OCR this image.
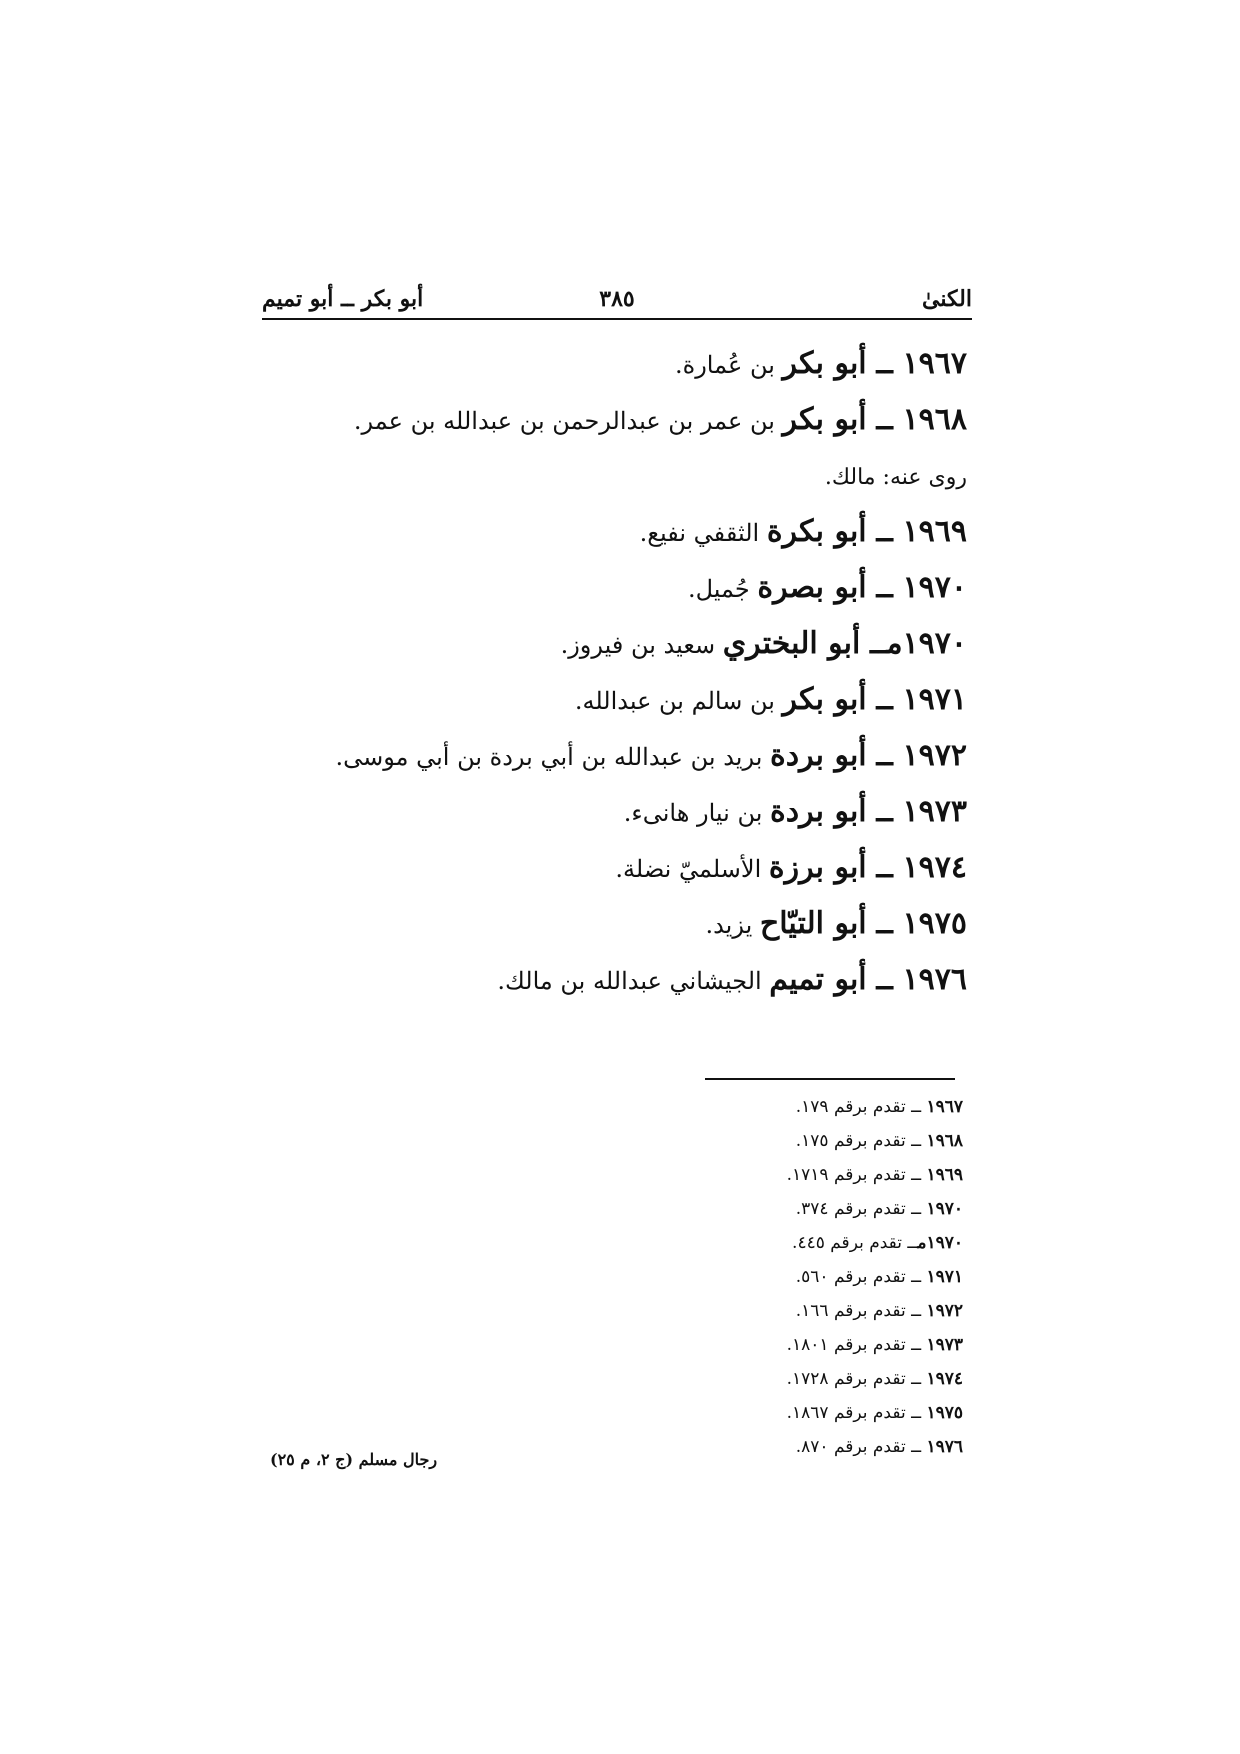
الكنىٰ
٣٨٥
أبو بكر ــ أبو تميم
١٩٦٧ ــ أبو بكر بن عُمارة.
١٩٦٨ ــ أبو بكر بن عمر بن عبدالرحمن بن عبدالله بن عمر.
روى عنه: مالك.
١٩٦٩ ــ أبو بكرة الثقفي نفيع.
١٩٧٠ ــ أبو بصرة جُميل.
١٩٧٠مــ أبو البختري سعيد بن فيروز.
١٩٧١ ــ أبو بكر بن سالم بن عبدالله.
١٩٧٢ ــ أبو بردة بريد بن عبدالله بن أبي بردة بن أبي موسى.
١٩٧٣ ــ أبو بردة بن نيار هانىء.
١٩٧٤ ــ أبو برزة الأسلميّ نضلة.
١٩٧٥ ــ أبو التيّاح يزيد.
١٩٧٦ ــ أبو تميم الجيشاني عبدالله بن مالك.
١٩٦٧ ــ تقدم برقم ١٧٩.
١٩٦٨ ــ تقدم برقم ١٧٥.
١٩٦٩ ــ تقدم برقم ١٧١٩.
١٩٧٠ ــ تقدم برقم ٣٧٤.
١٩٧٠مــ تقدم برقم ٤٤٥.
١٩٧١ ــ تقدم برقم ٥٦٠.
١٩٧٢ ــ تقدم برقم ١٦٦.
١٩٧٣ ــ تقدم برقم ١٨٠١.
١٩٧٤ ــ تقدم برقم ١٧٢٨.
١٩٧٥ ــ تقدم برقم ١٨٦٧.
١٩٧٦ ــ تقدم برقم ٨٧٠.
رجال مسلم (ج ٢، م ٢٥)
